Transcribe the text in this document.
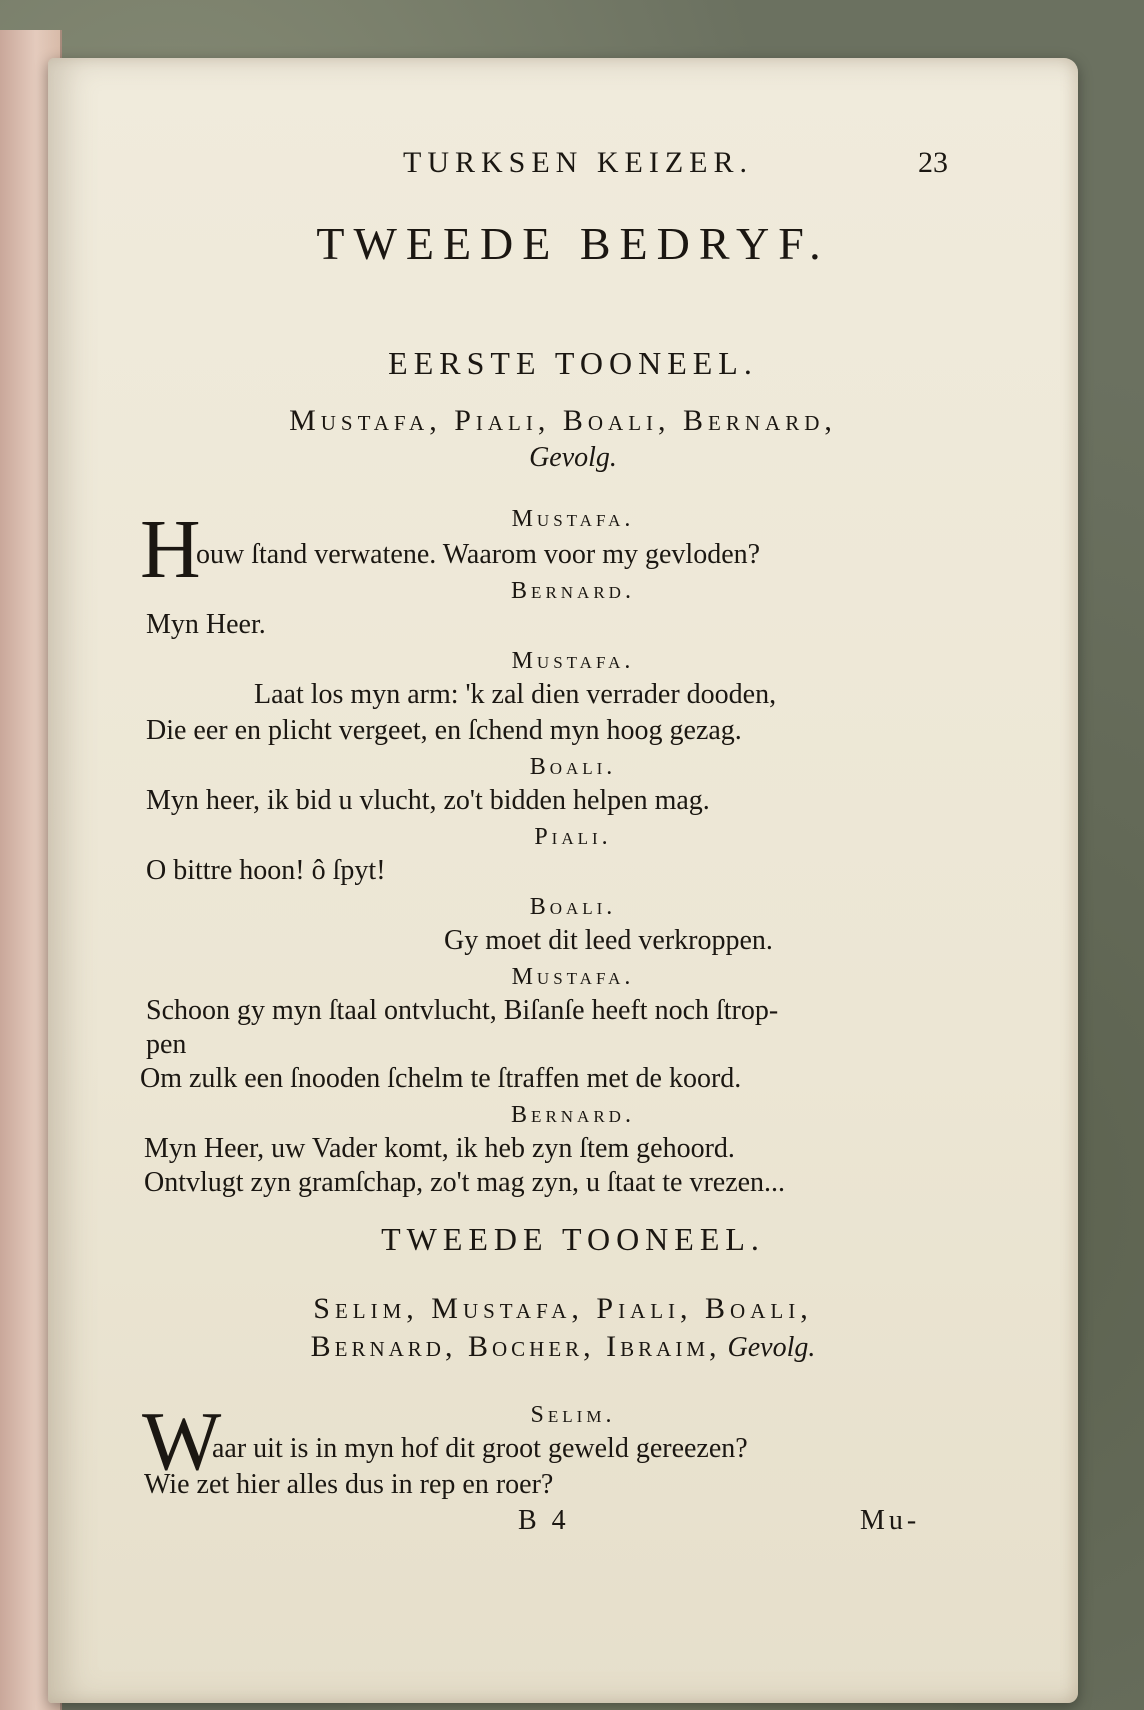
TURKSEN KEIZER.	23
TWEEDE BEDRYF.
EERSTE TOONEEL.
Mustafa, Piali, Boali, Bernard,
Gevolg.
Mustafa.
H
ouw ſtand verwatene. Waarom voor my gevloden?
Bernard.
Myn Heer.
Mustafa.
Laat los myn arm: 'k zal dien verrader dooden,
Die eer en plicht vergeet, en ſchend myn hoog gezag.
Boali.
Myn heer, ik bid u vlucht, zo't bidden helpen mag.
Piali.
O bittre hoon! ô ſpyt!
Boali.
Gy moet dit leed verkroppen.
Mustafa.
Schoon gy myn ſtaal ontvlucht, Biſanſe heeft noch ſtrop-
pen
Om zulk een ſnooden ſchelm te ſtraffen met de koord.
Bernard.
Myn Heer, uw Vader komt, ik heb zyn ſtem gehoord.
Ontvlugt zyn gramſchap, zo't mag zyn, u ſtaat te vrezen...
TWEEDE TOONEEL.
Selim, Mustafa, Piali, Boali,
Bernard, Bocher, Ibraim, Gevolg.
Selim.
W
aar uit is in myn hof dit groot geweld gereezen?
Wie zet hier alles dus in rep en roer?
B 4	Mu-
